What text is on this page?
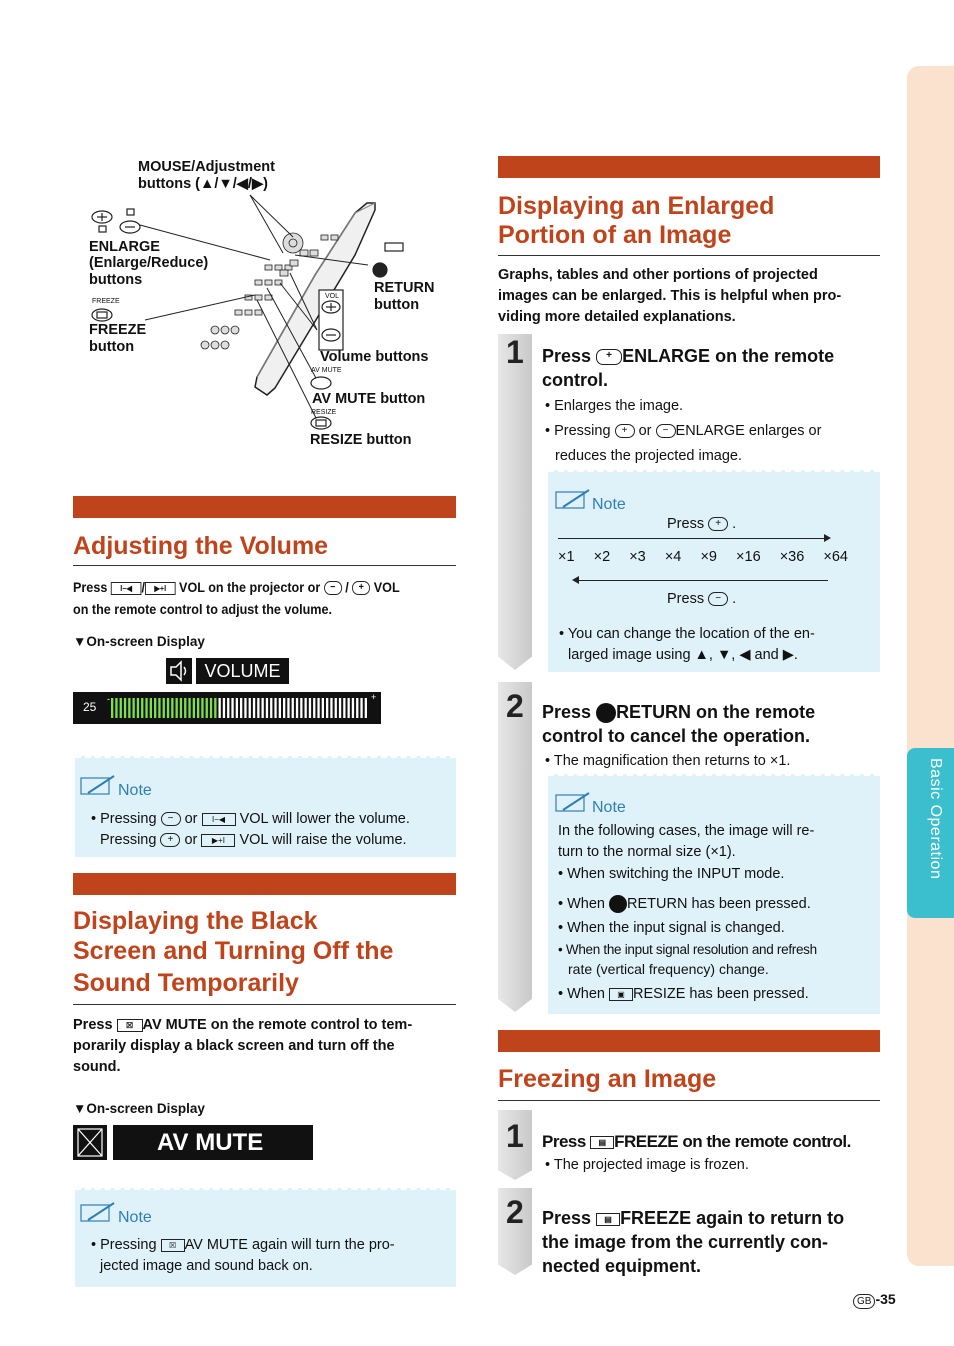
Basic Operation
MOUSE/Adjustment
buttons (▲/▼/◀/▶)
ENLARGE
(Enlarge/Reduce)
buttons
FREEZE
FREEZE
button
RETURN
button
VOL
Volume buttons
AV MUTE
AV MUTE button
RESIZE
RESIZE button
Adjusting the Volume
Press I−◀ / ▶+I VOL on the projector or − / + VOL
on the remote control to adjust the volume.
▼On-screen Display
VOLUME
25
-	+
Note
• Pressing − or I−◀ VOL will lower the volume.
Pressing + or ▶+I VOL will raise the volume.
Displaying the Black
Screen and Turning Off the
Sound Temporarily
Press ☒ AV MUTE on the remote control to tem-
porarily display a black screen and turn off the
sound.
▼On-screen Display
AV MUTE
Note
• Pressing ☒ AV MUTE again will turn the pro-
jected image and sound back on.
Displaying an Enlarged
Portion of an Image
Graphs, tables and other portions of projected
images can be enlarged. This is helpful when pro-
viding more detailed explanations.
1 Press + ENLARGE on the remote
control.
• Enlarges the image.
• Pressing + or − ENLARGE enlarges or
reduces the projected image.
Note
Press + .
×1 ×2 ×3 ×4 ×9 ×16 ×36 ×64
Press − .
• You can change the location of the en-
larged image using ▲, ▼, ◀ and ▶.
2 Press RETURN on the remote
control to cancel the operation.
• The magnification then returns to ×1.
Note
In the following cases, the image will re-
turn to the normal size (×1).
• When switching the INPUT mode.
• When RETURN has been pressed.
• When the input signal is changed.
• When the input signal resolution and refresh
rate (vertical frequency) change.
• When ▣ RESIZE has been pressed.
Freezing an Image
1 Press ▤ FREEZE on the remote control.
• The projected image is frozen.
2 Press ▤ FREEZE again to return to
the image from the currently con-
nected equipment.
GB -35
